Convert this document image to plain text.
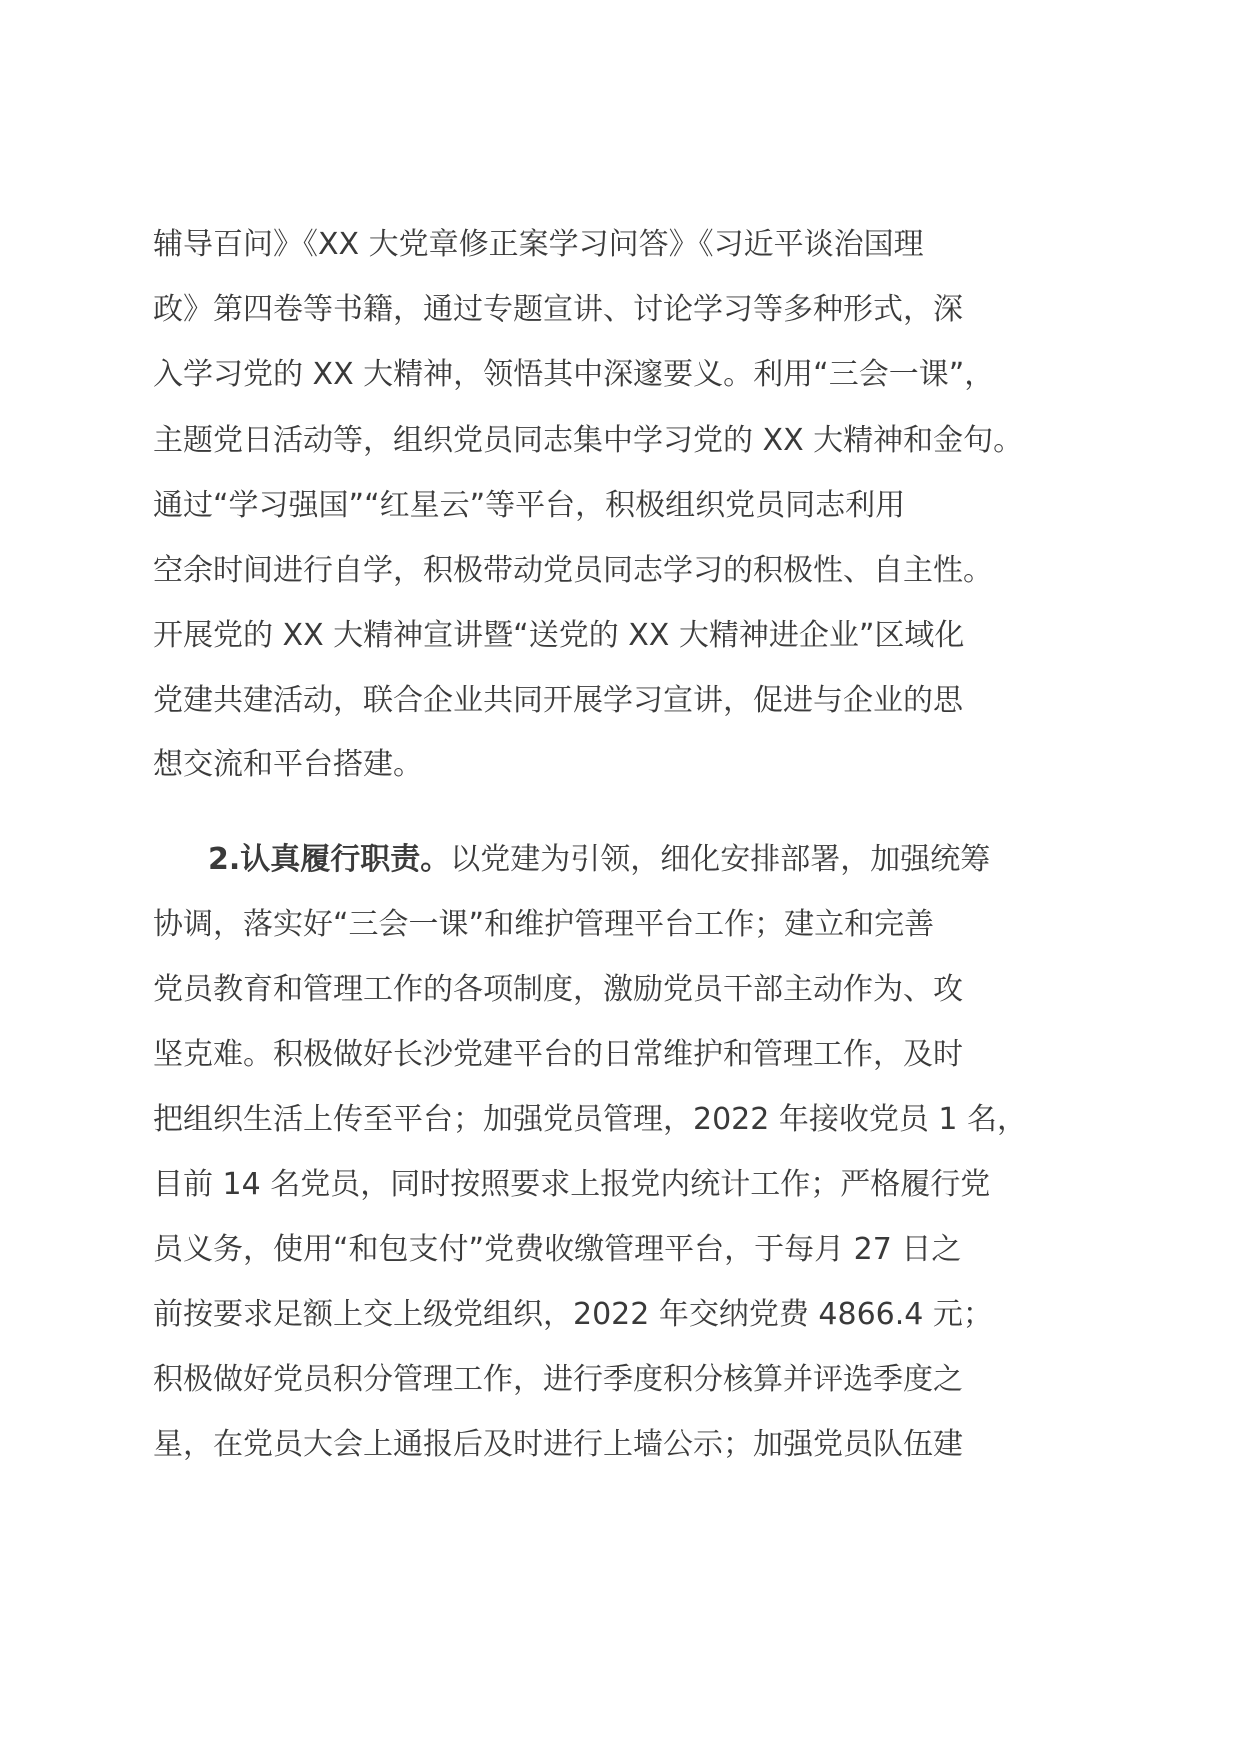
辅导百问》《XX 大党章修正案学习问答》《习近平谈治国理
政》第四卷等书籍，通过专题宣讲、讨论学习等多种形式，深
入学习党的 XX 大精神，领悟其中深邃要义。利用“三会一课”，
主题党日活动等，组织党员同志集中学习党的 XX 大精神和金句。
通过“学习强国”“红星云”等平台，积极组织党员同志利用
空余时间进行自学，积极带动党员同志学习的积极性、自主性。
开展党的 XX 大精神宣讲暨“送党的 XX 大精神进企业”区域化
党建共建活动，联合企业共同开展学习宣讲，促进与企业的思
想交流和平台搭建。
2.认真履行职责。以党建为引领，细化安排部署，加强统筹
协调，落实好“三会一课”和维护管理平台工作；建立和完善
党员教育和管理工作的各项制度，激励党员干部主动作为、攻
坚克难。积极做好长沙党建平台的日常维护和管理工作，及时
把组织生活上传至平台；加强党员管理，2022 年接收党员 1 名，
目前 14 名党员，同时按照要求上报党内统计工作；严格履行党
员义务，使用“和包支付”党费收缴管理平台，于每月 27 日之
前按要求足额上交上级党组织，2022 年交纳党费 4866.4 元；
积极做好党员积分管理工作，进行季度积分核算并评选季度之
星，在党员大会上通报后及时进行上墙公示；加强党员队伍建
